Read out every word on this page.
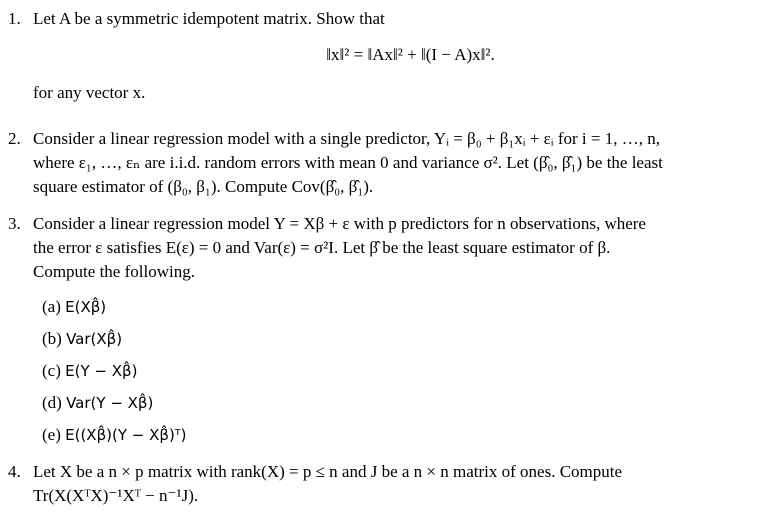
1. Let A be a symmetric idempotent matrix. Show that
‖x‖² = ‖Ax‖² + ‖(I − A)x‖².
for any vector x.
2. Consider a linear regression model with a single predictor, Yᵢ = β₀ + β₁xᵢ + εᵢ for i = 1, …, n,
where ε₁, …, εₙ are i.i.d. random errors with mean 0 and variance σ². Let (β̂₀, β̂₁) be the least
square estimator of (β₀, β₁). Compute Cov(β̂₀, β̂₁).
3. Consider a linear regression model Y = Xβ + ε with p predictors for n observations, where
the error ε satisfies E(ε) = 0 and Var(ε) = σ²I. Let β̂ be the least square estimator of β.
Compute the following.
(a) E(Xβ̂)
(b) Var(Xβ̂)
(c) E(Y − Xβ̂)
(d) Var(Y − Xβ̂)
(e) E((Xβ̂)(Y − Xβ̂)ᵀ)
4. Let X be a n × p matrix with rank(X) = p ≤ n and J be a n × n matrix of ones. Compute
Tr(X(XᵀX)⁻¹Xᵀ − n⁻¹J).
